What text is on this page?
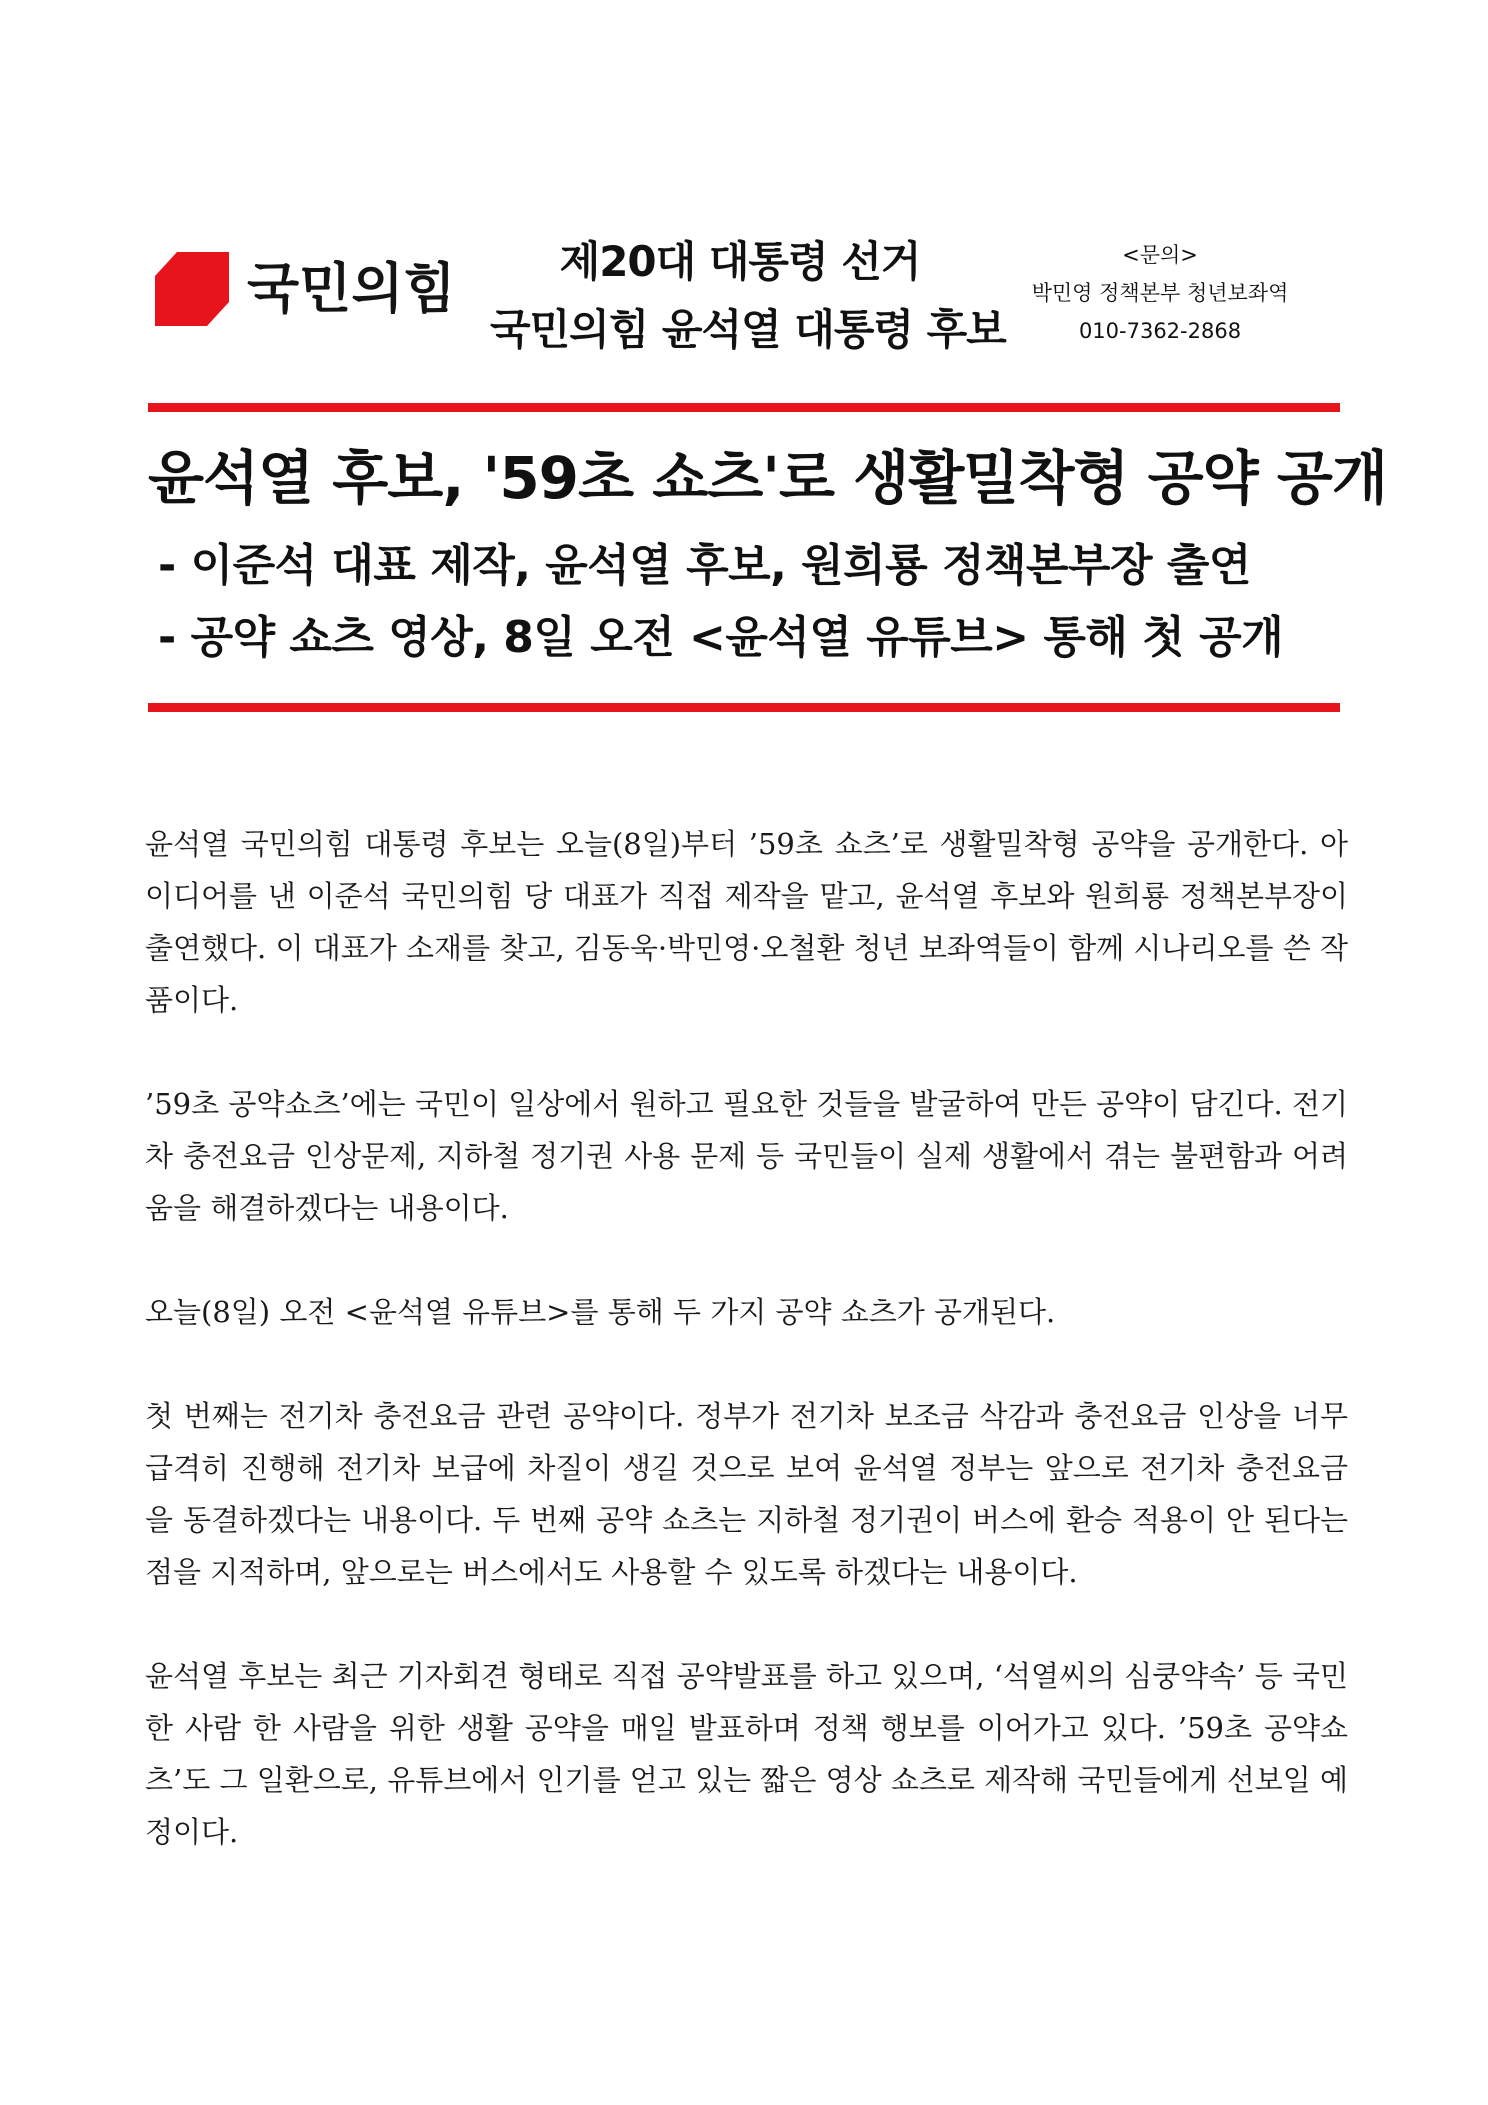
국민의힘	제20대 대통령 선거
국민의힘 윤석열 대통령 후보
<문의>
박민영 정책본부 청년보좌역
010-7362-2868
윤석열 후보, '59초 쇼츠'로 생활밀착형 공약 공개
- 이준석 대표 제작, 윤석열 후보, 원희룡 정책본부장 출연
- 공약 쇼츠 영상, 8일 오전 <윤석열 유튜브> 통해 첫 공개

윤석열 국민의힘 대통령 후보는 오늘(8일)부터 ’59초 쇼츠’로 생활밀착형 공약을 공개한다. 아이디어를 낸 이준석 국민의힘 당 대표가 직접 제작을 맡고, 윤석열 후보와 원희룡 정책본부장이 출연했다. 이 대표가 소재를 찾고, 김동욱·박민영·오철환 청년 보좌역들이 함께 시나리오를 쓴 작품이다.

’59초 공약쇼츠’에는 국민이 일상에서 원하고 필요한 것들을 발굴하여 만든 공약이 담긴다. 전기차 충전요금 인상문제, 지하철 정기권 사용 문제 등 국민들이 실제 생활에서 겪는 불편함과 어려움을 해결하겠다는 내용이다.

오늘(8일) 오전 <윤석열 유튜브>를 통해 두 가지 공약 쇼츠가 공개된다.

첫 번째는 전기차 충전요금 관련 공약이다. 정부가 전기차 보조금 삭감과 충전요금 인상을 너무 급격히 진행해 전기차 보급에 차질이 생길 것으로 보여 윤석열 정부는 앞으로 전기차 충전요금을 동결하겠다는 내용이다. 두 번째 공약 쇼츠는 지하철 정기권이 버스에 환승 적용이 안 된다는 점을 지적하며, 앞으로는 버스에서도 사용할 수 있도록 하겠다는 내용이다.

윤석열 후보는 최근 기자회견 형태로 직접 공약발표를 하고 있으며, ‘석열씨의 심쿵약속’ 등 국민 한 사람 한 사람을 위한 생활 공약을 매일 발표하며 정책 행보를 이어가고 있다. ’59초 공약쇼츠’도 그 일환으로, 유튜브에서 인기를 얻고 있는 짧은 영상 쇼츠로 제작해 국민들에게 선보일 예정이다.
